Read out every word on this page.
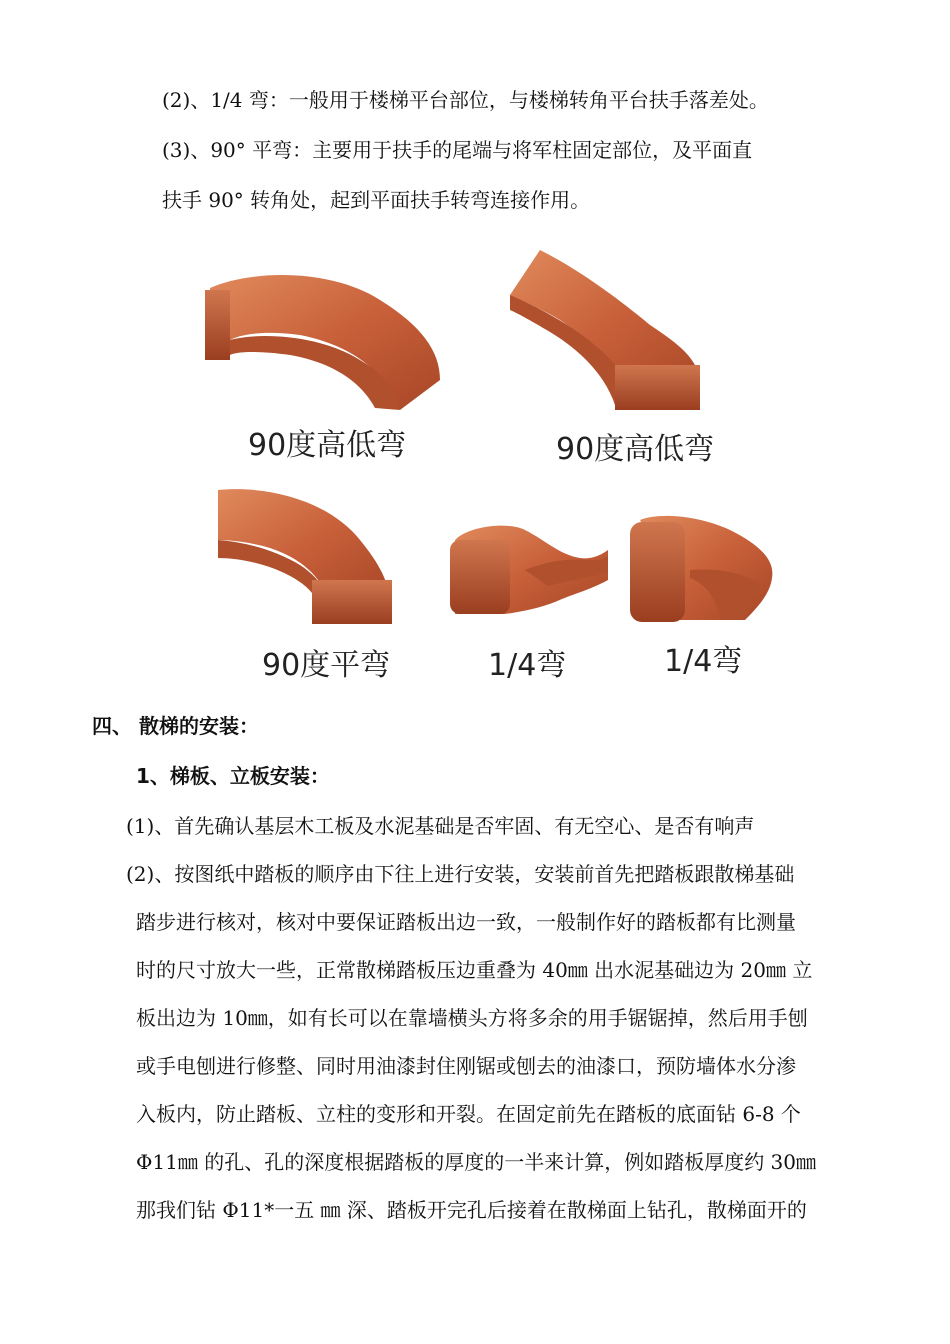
(2)、1/4 弯：一般用于楼梯平台部位，与楼梯转角平台扶手落差处。
(3)、90° 平弯：主要用于扶手的尾端与将军柱固定部位，及平面直
扶手 90° 转角处，起到平面扶手转弯连接作用。
90度高低弯	90度高低弯
90度平弯	1/4弯	1/4弯
四、 散梯的安装：
1、梯板、立板安装：
(1)、首先确认基层木工板及水泥基础是否牢固、有无空心、是否有响声
(2)、按图纸中踏板的顺序由下往上进行安装，安装前首先把踏板跟散梯基础
踏步进行核对，核对中要保证踏板出边一致，一般制作好的踏板都有比测量
时的尺寸放大一些，正常散梯踏板压边重叠为 40㎜ 出水泥基础边为 20㎜ 立
板出边为 10㎜，如有长可以在靠墙横头方将多余的用手锯锯掉，然后用手刨
或手电刨进行修整、同时用油漆封住刚锯或刨去的油漆口，预防墙体水分渗
入板内，防止踏板、立柱的变形和开裂。在固定前先在踏板的底面钻 6-8 个
Φ11㎜ 的孔、孔的深度根据踏板的厚度的一半来计算，例如踏板厚度约 30㎜
那我们钻 Φ11*一五 ㎜ 深、踏板开完孔后接着在散梯面上钻孔，散梯面开的
